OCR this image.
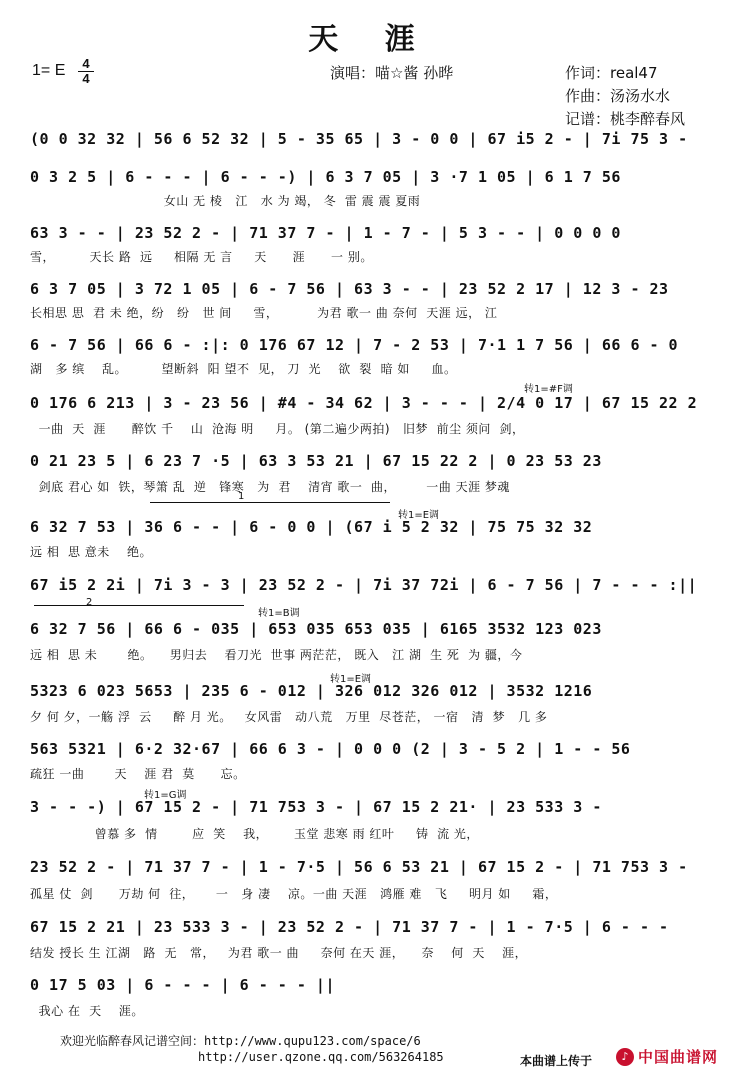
天 涯
1= E	4
4	演唱：喵☆酱 孙晔	作词：real47
作曲：汤汤水水
记谱：桃李醉春风
(0 0 32 32 | 56 6 52 32 | 5 - 35 65 | 3 - 0 0 | 67 i5 2 - | 7i 75 3 -
0 3 2 5 | 6 - - - | 6 - - -) | 6 3 7 05 | 3 ·7 1 05 | 6 1 7 56
女山 无 棱   江   水 为 竭， 冬  雷 震 震 夏雨
63 3 - - | 23 52 2 - | 71 37 7 - | 1 - 7 - | 5 3 - - | 0 0 0 0
雪，        天长 路  远     相隔 无 言     天      涯      一 别。
6 3 7 05 | 3 72 1 05 | 6 - 7 56 | 63 3 - - | 23 52 2 17 | 12 3 - 23
长相思 思  君 未 绝，纷   纷   世 间     雪，         为君 歌一 曲 奈何  天涯 远， 江
6 - 7 56 | 66 6 - :|: 0 176 67 12 | 7 - 2 53 | 7·1 1 7 56 | 66 6 - 0
湖   多 缤    乱。        望断斜  阳 望不  见， 刀  光    欲  裂  暗 如     血。
转1=#F调
0 176 6 213 | 3 - 23 56 | #4 - 34 62 | 3 - - - | 2/4 0 17 | 67 15 22 2
一曲  天  涯      醉饮 千    山  沧海 明     月。 (第二遍少两拍)   旧梦  前尘 须问  剑，
0 21 23 5 | 6 23 7 ·5 | 63 3 53 21 | 67 15 22 2 | 0 23 53 23
剑底 君心 如  铁，琴箫 乱  逆   锋寒   为  君    清宵 歌一  曲，       一曲 天涯 梦魂
1
转1=E调
6 32 7 53 | 36 6 - - | 6 - 0 0 | (67 i 5 2 32 | 75 75 32 32
远 相  思 意未    绝。
67 i5 2 2i | 7i 3 - 3 | 23 52 2 - | 7i 37 72i | 6 - 7 56 | 7 - - - :||
2
转1=B调
6 32 7 56 | 66 6 - 035 | 653 035 653 035 | 6165 3532 123 023
远 相  思 未       绝。    男归去    看刀光  世事 两茫茫， 既入   江 湖  生 死  为 疆，今
转1=E调
5323 6 023 5653 | 235 6 - 012 | 326 012 326 012 | 3532 1216
夕 何 夕，一觞 浮  云     醉 月 光。   女风雷   动八荒   万里  尽苍茫， 一宿   清  梦   几 多
563 5321 | 6·2 32·67 | 66 6 3 - | 0 0 0 (2 | 3 - 5 2 | 1 - - 56
疏狂 一曲       天    涯 君  莫      忘。
转1=G调
3 - - -) | 67 15 2 - | 71 753 3 - | 67 15 2 21· | 23 533 3 -
曾慕 多  情        应  笑    我，      玉堂 悲寒 雨 红叶     铸  流 光，
23 52 2 - | 71 37 7 - | 1 - 7·5 | 56 6 53 21 | 67 15 2 - | 71 753 3 -
孤星 仗  剑      万劫 何  往，     一   身 凄    凉。一曲 天涯   鸿雁 难   飞     明月 如     霜，
67 15 2 21 | 23 533 3 - | 23 52 2 - | 71 37 7 - | 1 - 7·5 | 6 - - -
结发 授长 生 江湖   路  无   常，   为君 歌一 曲     奈何 在天 涯，    奈    何  天    涯，
0 17 5 03 | 6 - - - | 6 - - - ||
我心 在  天    涯。
欢迎光临醉春风记谱空间：http://www.qupu123.com/space/6
http://user.qzone.qq.com/563264185	本曲谱上传于	♪ 中国曲谱网
